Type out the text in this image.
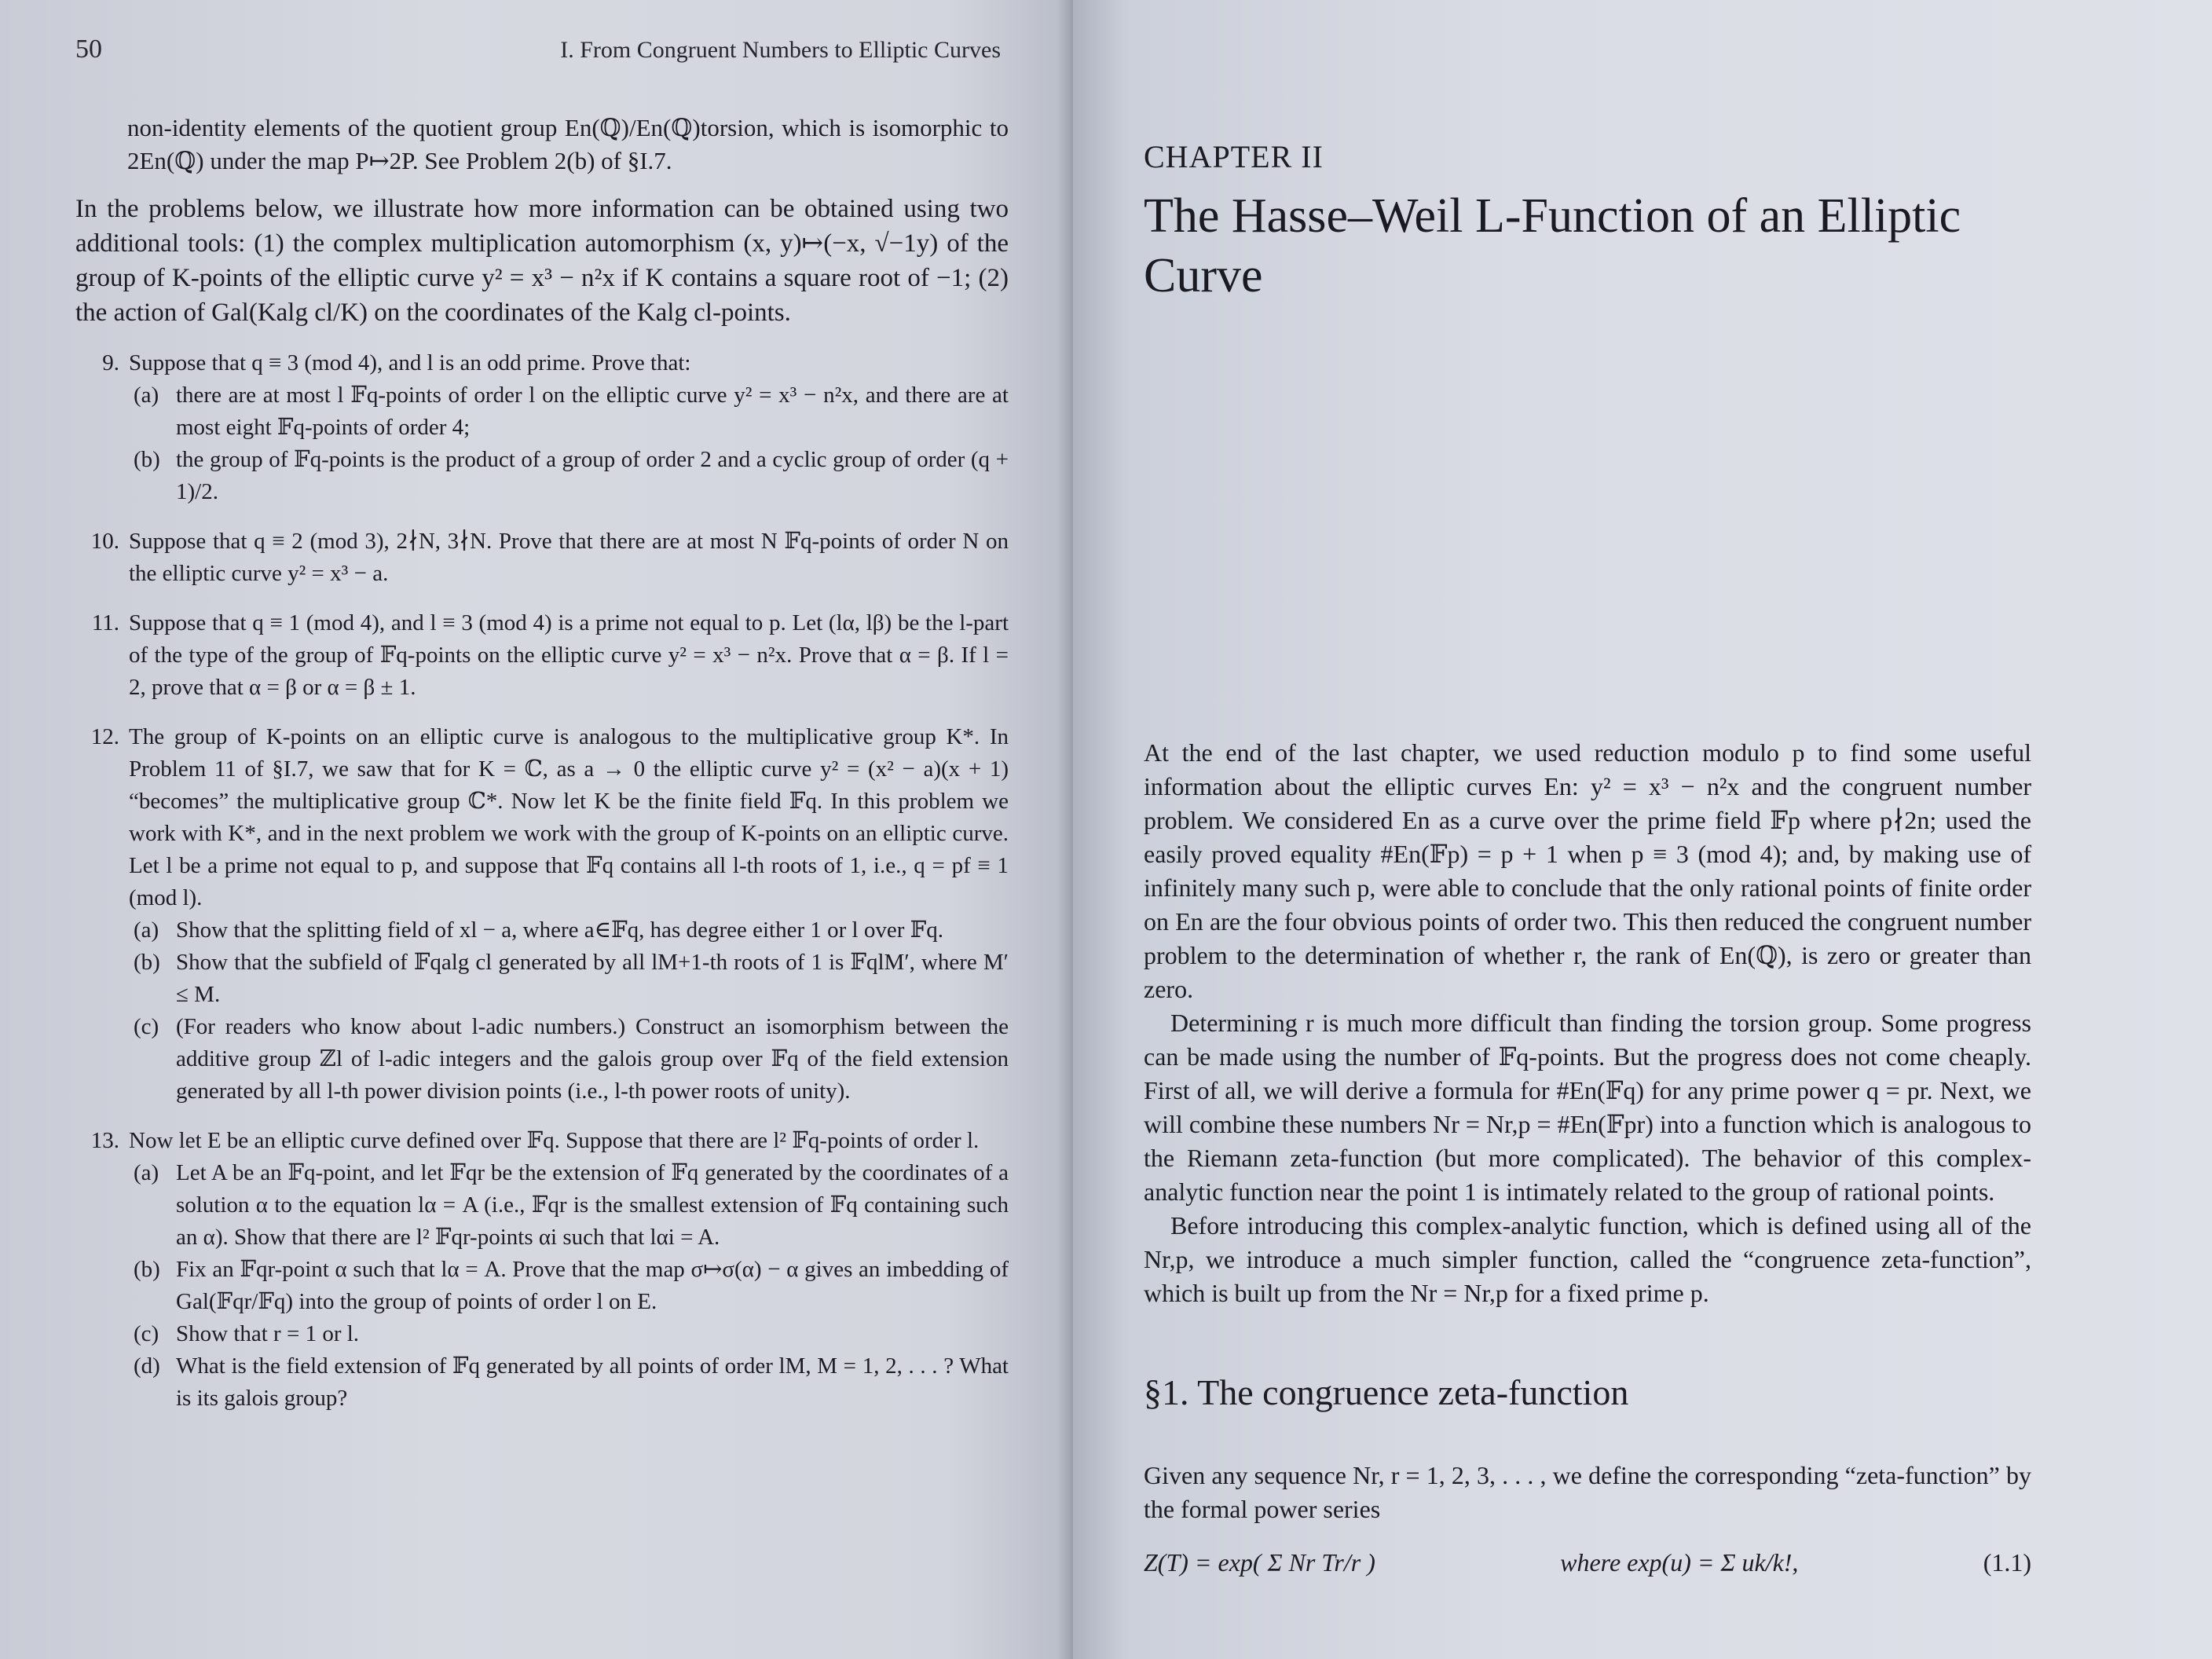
50	I. From Congruent Numbers to Elliptic Curves

non-identity elements of the quotient group En(ℚ)/En(ℚ)torsion, which is isomorphic to 2En(ℚ) under the map P↦2P. See Problem 2(b) of §I.7.

In the problems below, we illustrate how more information can be obtained using two additional tools: (1) the complex multiplication automorphism (x, y)↦(−x, √−1y) of the group of K-points of the elliptic curve y² = x³ − n²x if K contains a square root of −1; (2) the action of Gal(Kalg cl/K) on the coordinates of the Kalg cl-points.

9. Suppose that q ≡ 3 (mod 4), and l is an odd prime. Prove that:

(a) there are at most l 𝔽q-points of order l on the elliptic curve y² = x³ − n²x, and there are at most eight 𝔽q-points of order 4;
(b) the group of 𝔽q-points is the product of a group of order 2 and a cyclic group of order (q + 1)/2.
10. Suppose that q ≡ 2 (mod 3), 2∤N, 3∤N. Prove that there are at most N 𝔽q-points of order N on the elliptic curve y² = x³ − a.

11. Suppose that q ≡ 1 (mod 4), and l ≡ 3 (mod 4) is a prime not equal to p. Let (lα, lβ) be the l-part of the type of the group of 𝔽q-points on the elliptic curve y² = x³ − n²x. Prove that α = β. If l = 2, prove that α = β or α = β ± 1.

12. The group of K-points on an elliptic curve is analogous to the multiplicative group K*. In Problem 11 of §I.7, we saw that for K = ℂ, as a → 0 the elliptic curve y² = (x² − a)(x + 1) “becomes” the multiplicative group ℂ*. Now let K be the finite field 𝔽q. In this problem we work with K*, and in the next problem we work with the group of K-points on an elliptic curve. Let l be a prime not equal to p, and suppose that 𝔽q contains all l-th roots of 1, i.e., q = pf ≡ 1 (mod l).

(a) Show that the splitting field of xl − a, where a∈𝔽q, has degree either 1 or l over 𝔽q.
(b) Show that the subfield of 𝔽qalg cl generated by all lM+1-th roots of 1 is 𝔽qlM′, where M′ ≤ M.
(c) (For readers who know about l-adic numbers.) Construct an isomorphism between the additive group ℤl of l-adic integers and the galois group over 𝔽q of the field extension generated by all l-th power division points (i.e., l-th power roots of unity).
13. Now let E be an elliptic curve defined over 𝔽q. Suppose that there are l² 𝔽q-points of order l.

(a) Let A be an 𝔽q-point, and let 𝔽qr be the extension of 𝔽q generated by the coordinates of a solution α to the equation lα = A (i.e., 𝔽qr is the smallest extension of 𝔽q containing such an α). Show that there are l² 𝔽qr-points αi such that lαi = A.
(b) Fix an 𝔽qr-point α such that lα = A. Prove that the map σ↦σ(α) − α gives an imbedding of Gal(𝔽qr/𝔽q) into the group of points of order l on E.
(c) Show that r = 1 or l.
(d) What is the field extension of 𝔽q generated by all points of order lM, M = 1, 2, . . . ? What is its galois group?
CHAPTER II
The Hasse–Weil L-Function of an Elliptic Curve

At the end of the last chapter, we used reduction modulo p to find some useful information about the elliptic curves En: y² = x³ − n²x and the congruent number problem. We considered En as a curve over the prime field 𝔽p where p∤2n; used the easily proved equality #En(𝔽p) = p + 1 when p ≡ 3 (mod 4); and, by making use of infinitely many such p, were able to conclude that the only rational points of finite order on En are the four obvious points of order two. This then reduced the congruent number problem to the determination of whether r, the rank of En(ℚ), is zero or greater than zero.

Determining r is much more difficult than finding the torsion group. Some progress can be made using the number of 𝔽q-points. But the progress does not come cheaply. First of all, we will derive a formula for #En(𝔽q) for any prime power q = pr. Next, we will combine these numbers Nr = Nr,p = #En(𝔽pr) into a function which is analogous to the Riemann zeta-function (but more complicated). The behavior of this complex-analytic function near the point 1 is intimately related to the group of rational points.

Before introducing this complex-analytic function, which is defined using all of the Nr,p, we introduce a much simpler function, called the “congruence zeta-function”, which is built up from the Nr = Nr,p for a fixed prime p.

§1. The congruence zeta-function

Given any sequence Nr, r = 1, 2, 3, . . . , we define the corresponding “zeta-function” by the formal power series

Z(T) = exp( Σ Nr Tr/r )	where exp(u) = Σ uk/k!,	(1.1)
